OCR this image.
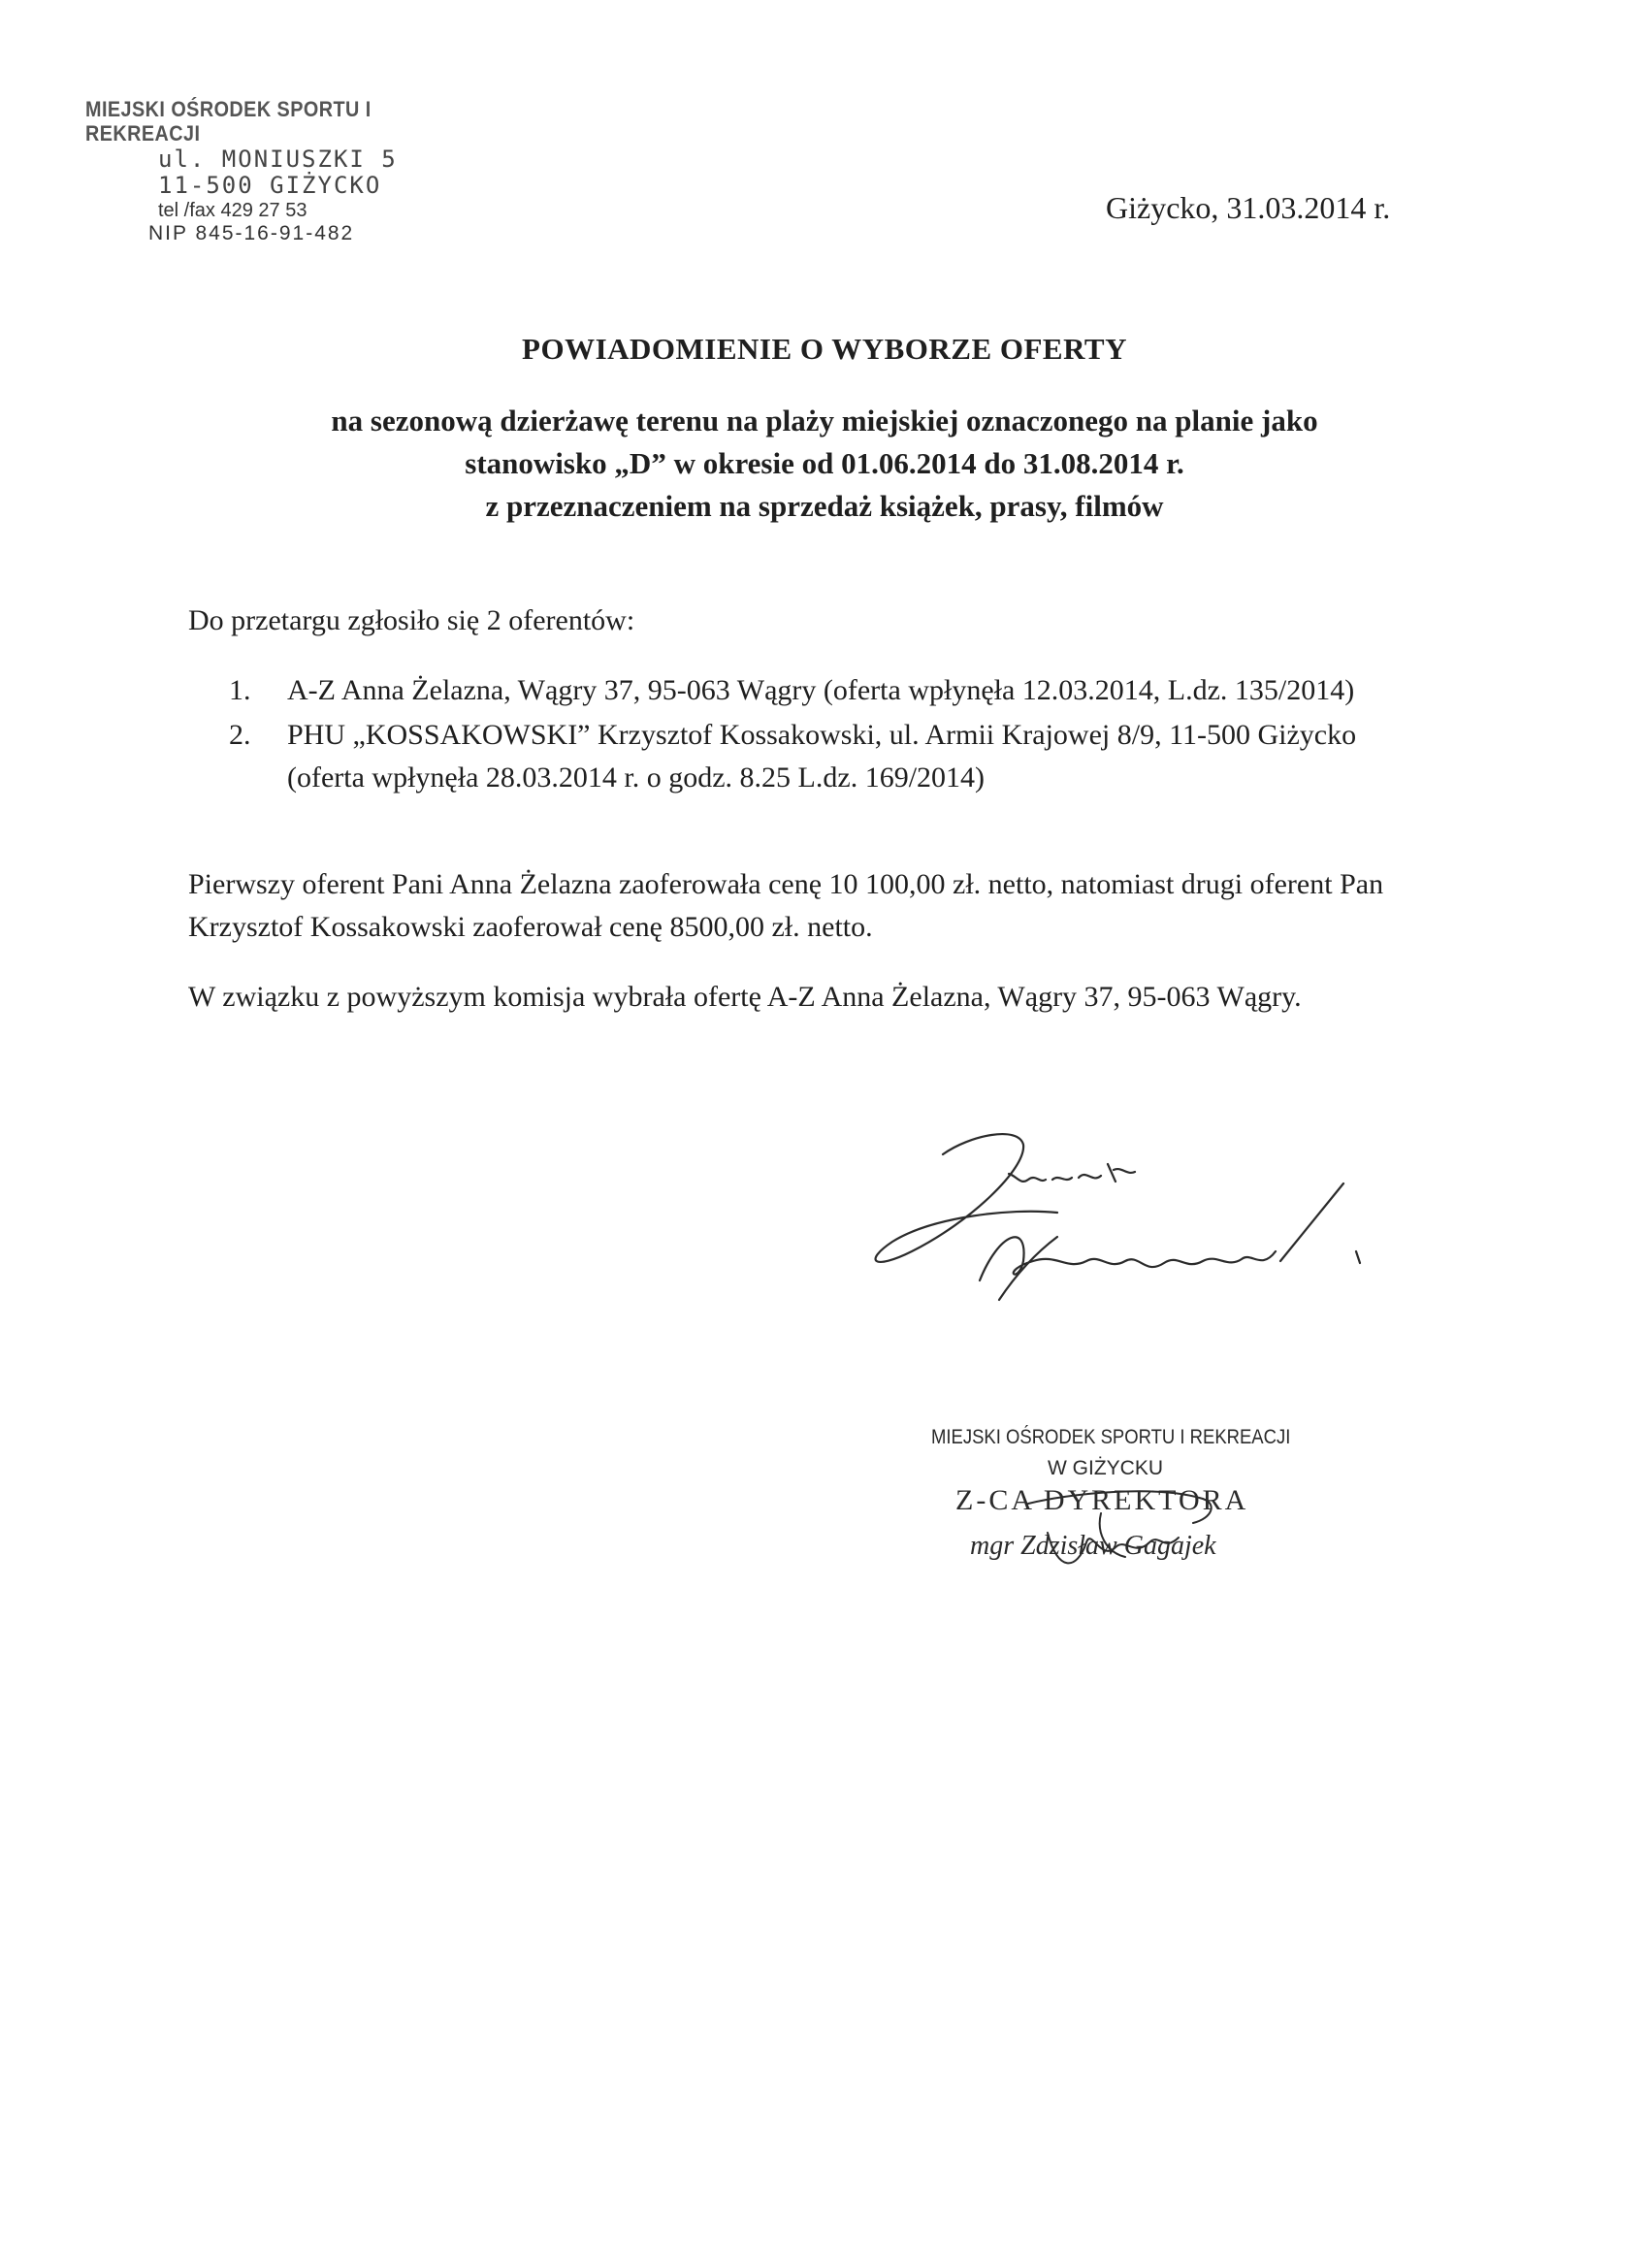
MIEJSKI OŚRODEK SPORTU I REKREACJI
ul. MONIUSZKI 5
11-500 GIŻYCKO
tel /fax 429 27 53
NIP 845-16-91-482
Giżycko, 31.03.2014 r.
POWIADOMIENIE O WYBORZE OFERTY
na sezonową dzierżawę terenu na plaży miejskiej oznaczonego na planie jako
stanowisko „D” w okresie od 01.06.2014 do 31.08.2014 r.
z przeznaczeniem na sprzedaż książek, prasy, filmów
Do przetargu zgłosiło się 2 oferentów:
1.	A-Z Anna Żelazna, Wągry 37, 95-063 Wągry (oferta wpłynęła 12.03.2014, L.dz. 135/2014)
2.	PHU „KOSSAKOWSKI” Krzysztof Kossakowski, ul. Armii Krajowej 8/9, 11-500 Giżycko (oferta wpłynęła 28.03.2014 r. o godz. 8.25 L.dz. 169/2014)
Pierwszy oferent Pani Anna Żelazna zaoferowała cenę 10 100,00 zł. netto, natomiast drugi oferent Pan Krzysztof Kossakowski zaoferował cenę 8500,00 zł. netto.
W związku z powyższym komisja wybrała ofertę A-Z Anna Żelazna, Wągry 37, 95-063 Wągry.
MIEJSKI OŚRODEK SPORTU I REKREACJI
W GIŻYCKU
Z-CA DYREKTORA
mgr Zdzisław Gagajek
